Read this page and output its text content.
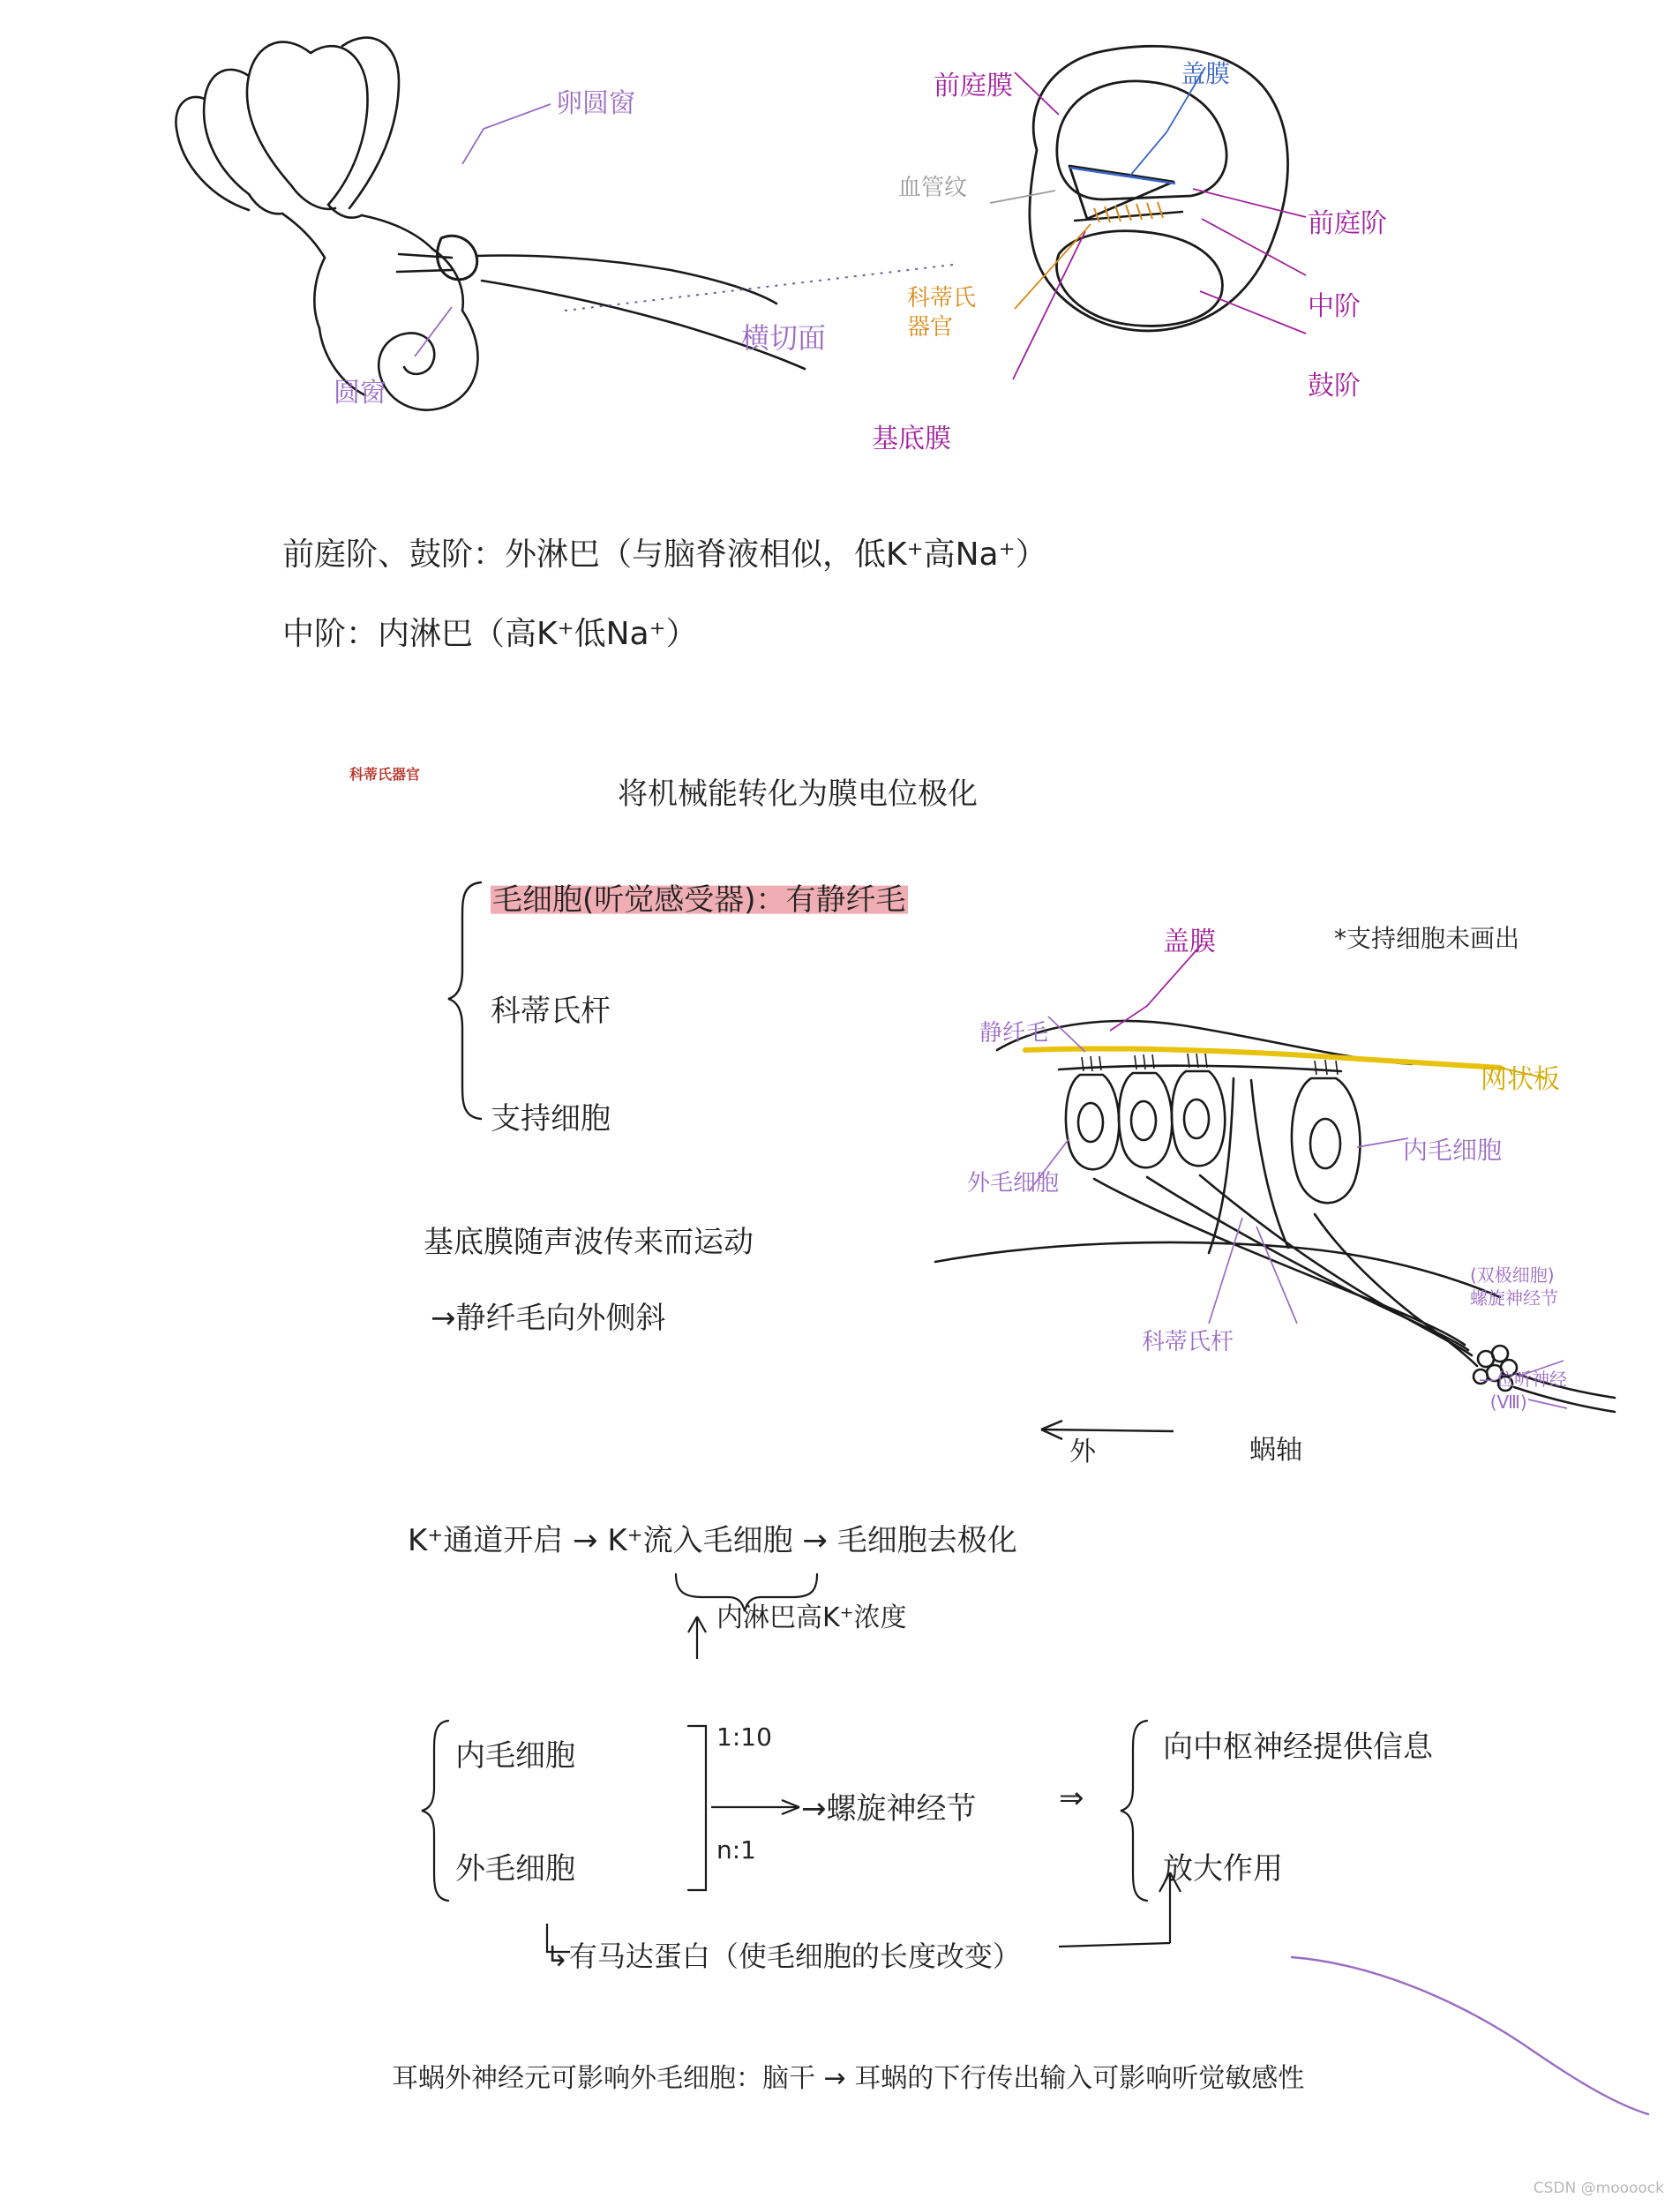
卵圆窗
圆窗
横切面
前庭膜	盖膜
血管纹
科蒂氏
器官
基底膜
前庭阶
中阶
鼓阶
前庭阶、鼓阶：外淋巴（与脑脊液相似，低K⁺高Na⁺）
中阶：内淋巴（高K⁺低Na⁺）
科蒂氏器官
将机械能转化为膜电位极化
毛细胞(听觉感受器)：有静纤毛
科蒂氏杆
支持细胞
基底膜随声波传来而运动
→静纤毛向外侧斜
盖膜
静纤毛
网状板
内毛细胞
外毛细胞
科蒂氏杆
(双极细胞)
螺旋神经节
—位听神经
(Ⅷ)
*支持细胞未画出
外	蜗轴
K⁺通道开启 → K⁺流入毛细胞 → 毛细胞去极化
内淋巴高K⁺浓度
内毛细胞
外毛细胞
1:10
n:1
→螺旋神经节	⇒
向中枢神经提供信息
放大作用
↳有马达蛋白（使毛细胞的长度改变）
耳蜗外神经元可影响外毛细胞：脑干 → 耳蜗的下行传出输入可影响听觉敏感性
CSDN @moooock
